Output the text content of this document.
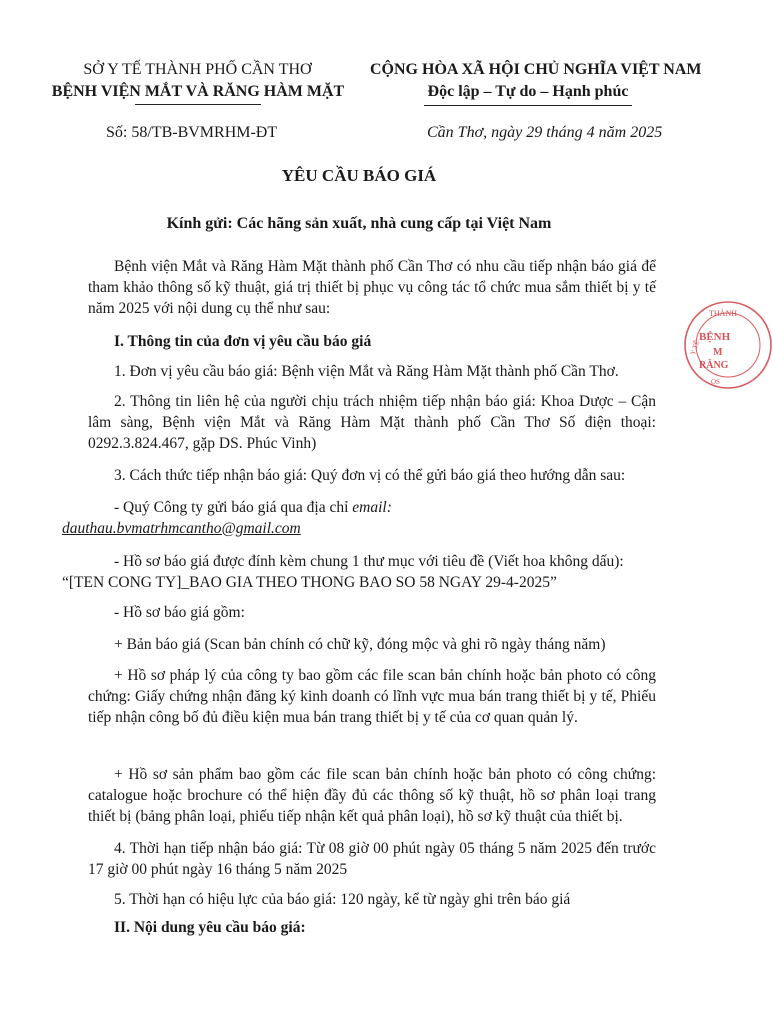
SỞ Y TẾ THÀNH PHỐ CẦN THƠ
BỆNH VIỆN MẮT VÀ RĂNG HÀM MẶT
CỘNG HÒA XÃ HỘI CHỦ NGHĨA VIỆT NAM
Độc lập – Tự do – Hạnh phúc
Số: 58/TB-BVMRHM-ĐT	Cần Thơ, ngày 29 tháng 4 năm 2025
YÊU CẦU BÁO GIÁ
Kính gửi: Các hãng sản xuất, nhà cung cấp tại Việt Nam
Bệnh viện Mắt và Răng Hàm Mặt thành phố Cần Thơ có nhu cầu tiếp nhận báo giá để tham khảo thông số kỹ thuật, giá trị thiết bị phục vụ công tác tổ chức mua sắm thiết bị y tế năm 2025 với nội dung cụ thể như sau:
I. Thông tin của đơn vị yêu cầu báo giá
1. Đơn vị yêu cầu báo giá: Bệnh viện Mắt và Răng Hàm Mặt thành phố Cần Thơ.
2. Thông tin liên hệ của người chịu trách nhiệm tiếp nhận báo giá: Khoa Dược – Cận lâm sàng, Bệnh viện Mắt và Răng Hàm Mặt thành phố Cần Thơ Số điện thoại: 0292.3.824.467, gặp DS. Phúc Vinh)
3. Cách thức tiếp nhận báo giá: Quý đơn vị có thể gửi báo giá theo hướng dẫn sau:
- Quý Công ty gửi báo giá qua địa chỉ email:
dauthau.bvmatrhmcantho@gmail.com
- Hồ sơ báo giá được đính kèm chung 1 thư mục với tiêu đề (Viết hoa không dấu):
“[TEN CONG TY]_BAO GIA THEO THONG BAO SO 58 NGAY 29-4-2025”
- Hồ sơ báo giá gồm:
+ Bản báo giá (Scan bản chính có chữ kỹ, đóng mộc và ghi rõ ngày tháng năm)
+ Hồ sơ pháp lý của công ty bao gồm các file scan bản chính hoặc bản photo có công chứng: Giấy chứng nhận đăng ký kinh doanh có lĩnh vực mua bán trang thiết bị y tế, Phiếu tiếp nhận công bố đủ điều kiện mua bán trang thiết bị y tế của cơ quan quản lý.
+ Hồ sơ sản phẩm bao gồm các file scan bản chính hoặc bản photo có công chứng: catalogue hoặc brochure có thể hiện đầy đủ các thông số kỹ thuật, hồ sơ phân loại trang thiết bị (bảng phân loại, phiếu tiếp nhận kết quả phân loại), hồ sơ kỹ thuật của thiết bị.
4. Thời hạn tiếp nhận báo giá: Từ 08 giờ 00 phút ngày 05 tháng 5 năm 2025 đến trước 17 giờ 00 phút ngày 16 tháng 5 năm 2025
5. Thời hạn có hiệu lực của báo giá: 120 ngày, kể từ ngày ghi trên báo giá
II. Nội dung yêu cầu báo giá:
THÀNH
Y TẾ
BỆNH
M
RĂNG
OS
